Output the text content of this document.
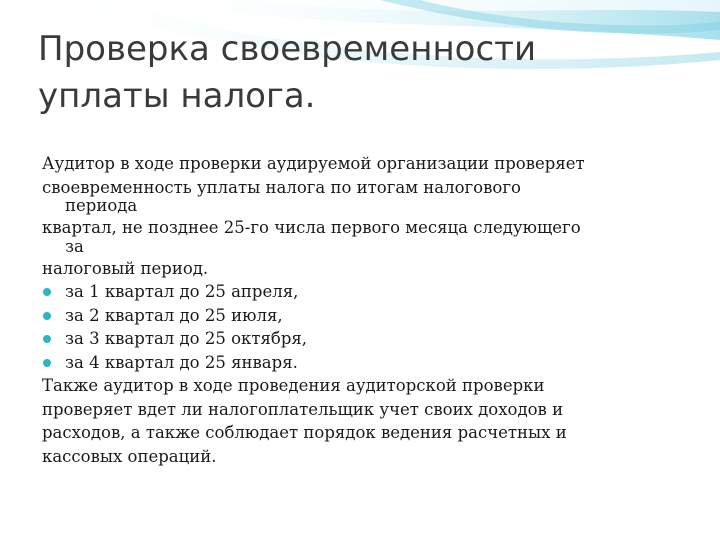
Проверка своевременности
уплаты налога.
Аудитор в ходе проверки аудируемой организации проверяет
своевременность уплаты налога по итогам налогового
периода
квартал, не позднее 25-го числа первого месяца следующего
за
налоговый период.
за 1 квартал до 25 апреля,
за 2 квартал до 25 июля,
за 3 квартал до 25 октября,
за 4 квартал до 25 января.
Также аудитор в ходе проведения аудиторской проверки
проверяет вдет ли налогоплательщик учет своих доходов и
расходов, а также соблюдает порядок ведения расчетных и
кассовых операций.
